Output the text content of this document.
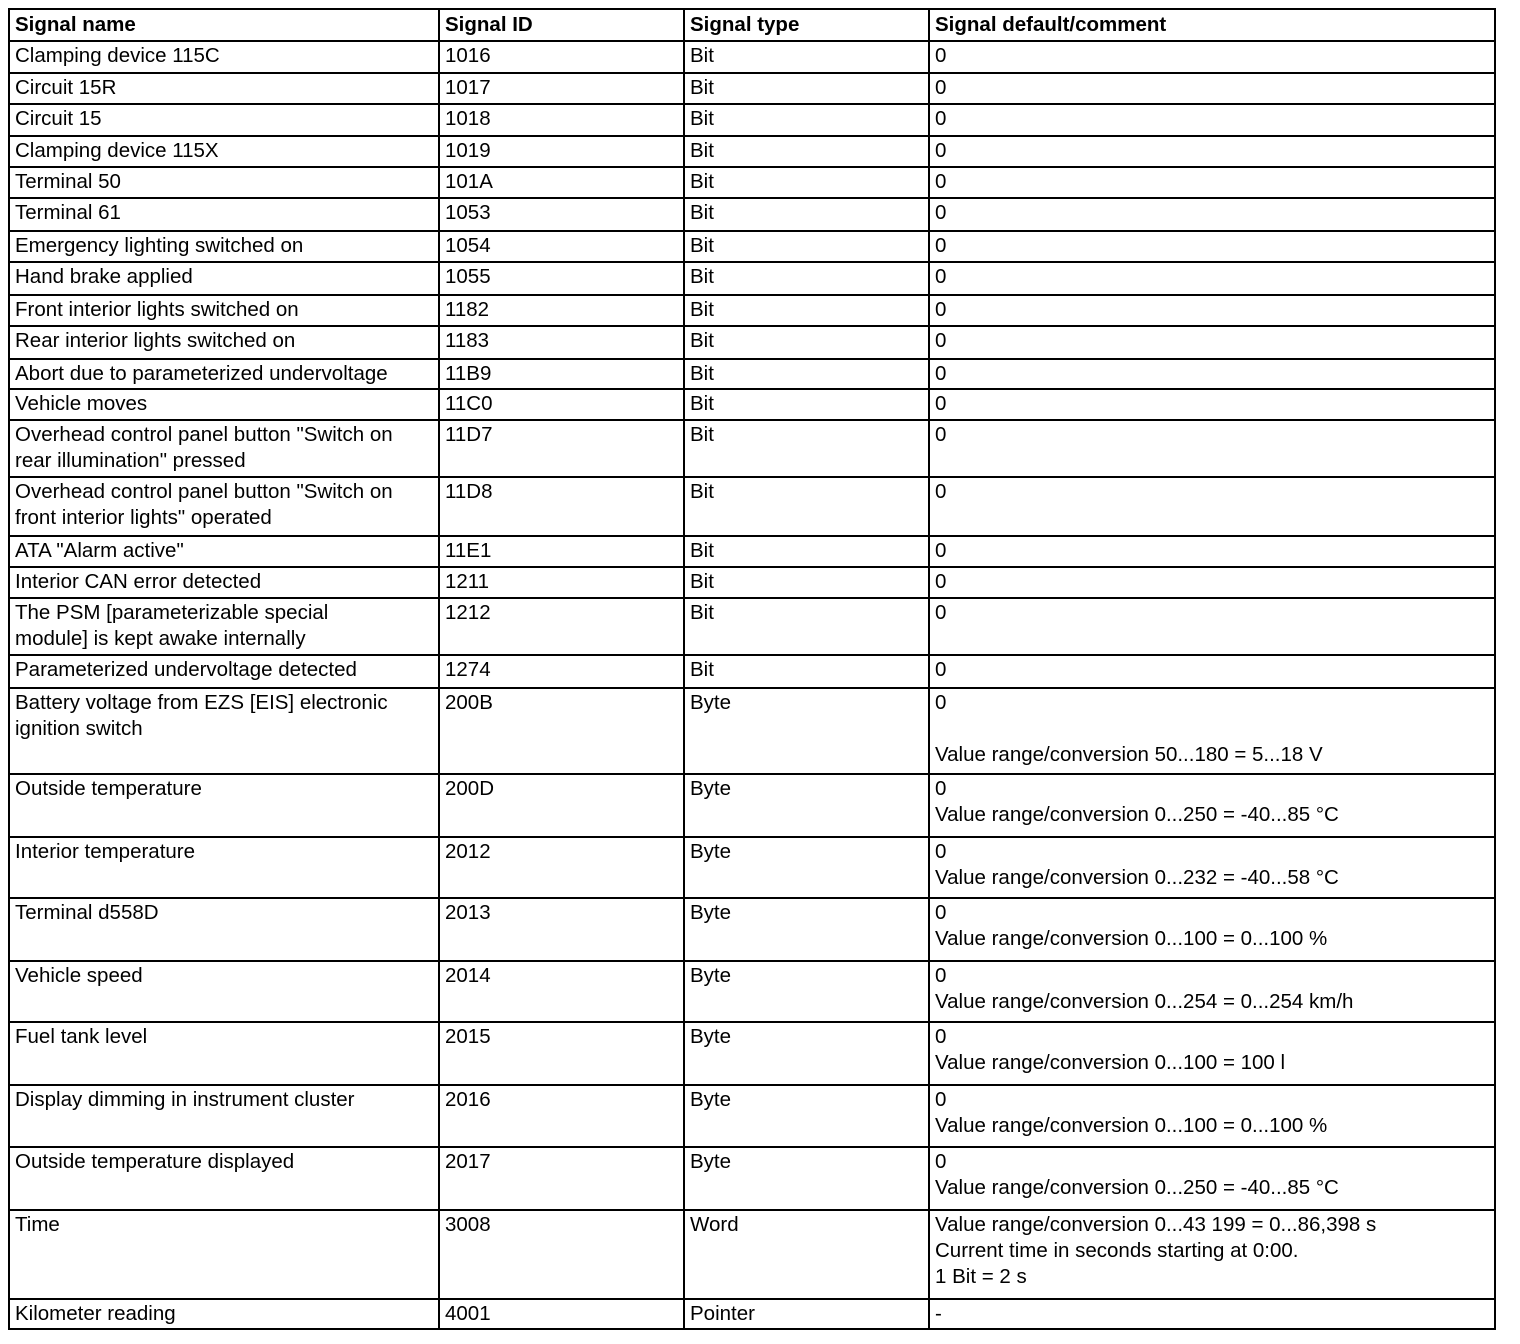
Signal name	Signal ID	Signal type	Signal default/comment
Clamping device 115C	1016	Bit	0
Circuit 15R	1017	Bit	0
Circuit 15	1018	Bit	0
Clamping device 115X	1019	Bit	0
Terminal 50	101A	Bit	0
Terminal 61	1053	Bit	0
Emergency lighting switched on	1054	Bit	0
Hand brake applied	1055	Bit	0
Front interior lights switched on	1182	Bit	0
Rear interior lights switched on	1183	Bit	0
Abort due to parameterized undervoltage	11B9	Bit	0
Vehicle moves	11C0	Bit	0
Overhead control panel button "Switch on
rear illumination" pressed	11D7	Bit	0
Overhead control panel button "Switch on
front interior lights" operated	11D8	Bit	0
ATA "Alarm active"	11E1	Bit	0
Interior CAN error detected	1211	Bit	0
The PSM [parameterizable special
module] is kept awake internally	1212	Bit	0
Parameterized undervoltage detected	1274	Bit	0
Battery voltage from EZS [EIS] electronic
ignition switch	200B	Byte	0

Value range/conversion 50...180 = 5...18 V
Outside temperature	200D	Byte	0
Value range/conversion 0...250 = -40...85 °C
Interior temperature	2012	Byte	0
Value range/conversion 0...232 = -40...58 °C
Terminal d558D	2013	Byte	0
Value range/conversion 0...100 = 0...100 %
Vehicle speed	2014	Byte	0
Value range/conversion 0...254 = 0...254 km/h
Fuel tank level	2015	Byte	0
Value range/conversion 0...100 = 100 l
Display dimming in instrument cluster	2016	Byte	0
Value range/conversion 0...100 = 0...100 %
Outside temperature displayed	2017	Byte	0
Value range/conversion 0...250 = -40...85 °C
Time	3008	Word	Value range/conversion 0...43 199 = 0...86,398 s
Current time in seconds starting at 0:00.
1 Bit = 2 s
Kilometer reading	4001	Pointer	-
